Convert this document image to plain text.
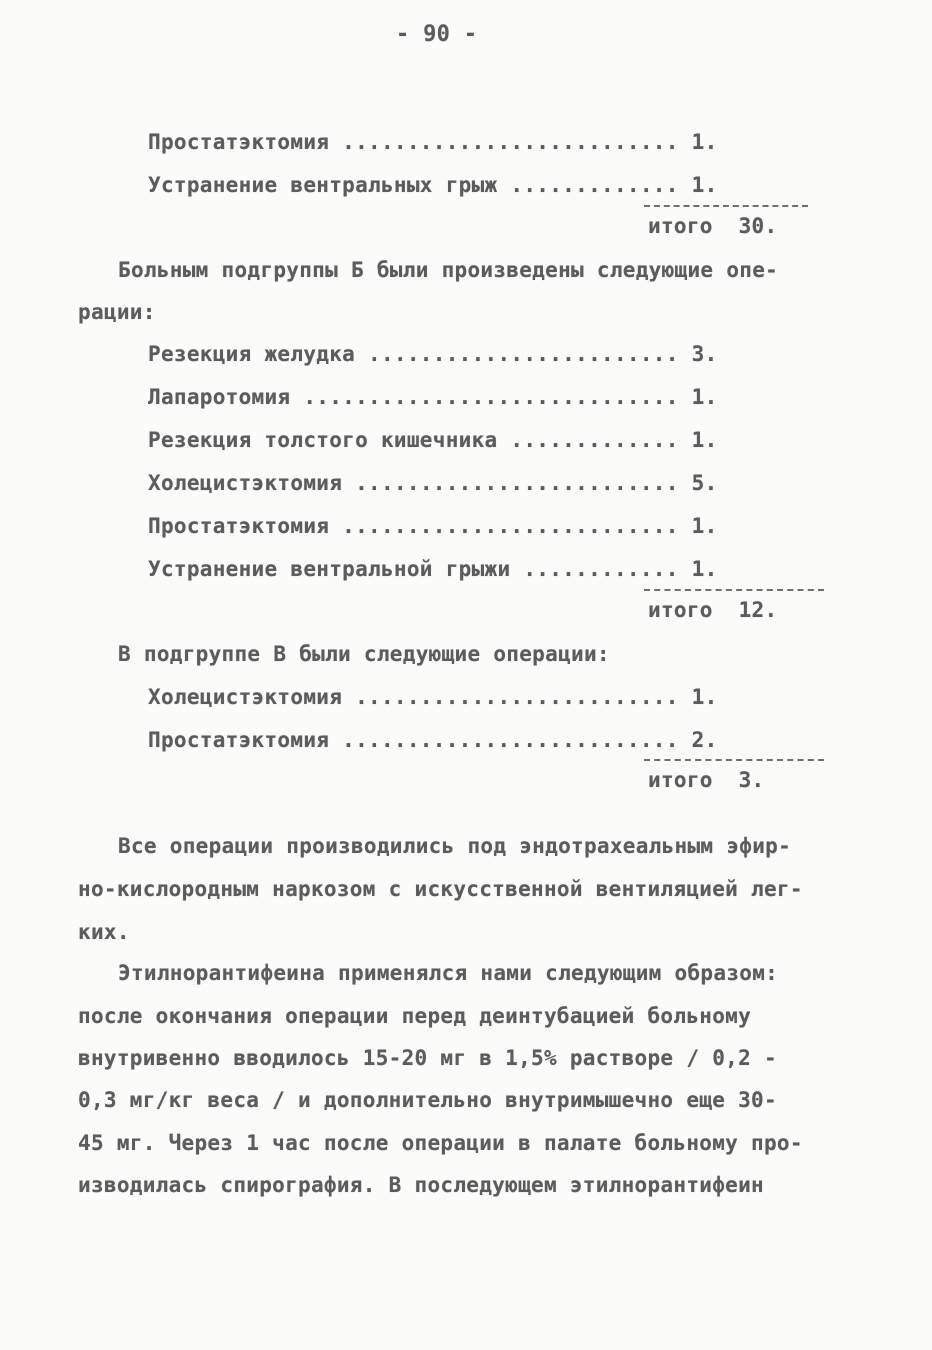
- 90 -
Простатэктомия .......................... 1.
Устранение вентральных грыж ............. 1.
итого 30.
Больным подгруппы Б были произведены следующие опе-
рации:
Резекция желудка ........................ 3.
Лапаротомия ............................. 1.
Резекция толстого кишечника ............. 1.
Холецистэктомия ......................... 5.
Простатэктомия .......................... 1.
Устранение вентральной грыжи ............ 1.
итого 12.
В подгруппе В были следующие операции:
Холецистэктомия ......................... 1.
Простатэктомия .......................... 2.
итого 3.
Все операции производились под эндотрахеальным эфир-
но-кислородным наркозом с искусственной вентиляцией лег-
ких.
Этилнорантифеина применялся нами следующим образом:
после окончания операции перед деинтубацией больному
внутривенно вводилось 15-20 мг в 1,5% растворе / 0,2 -
0,3 мг/кг веса / и дополнительно внутримышечно еще 30-
45 мг. Через 1 час после операции в палате больному про-
изводилась спирография. В последующем этилнорантифеин
